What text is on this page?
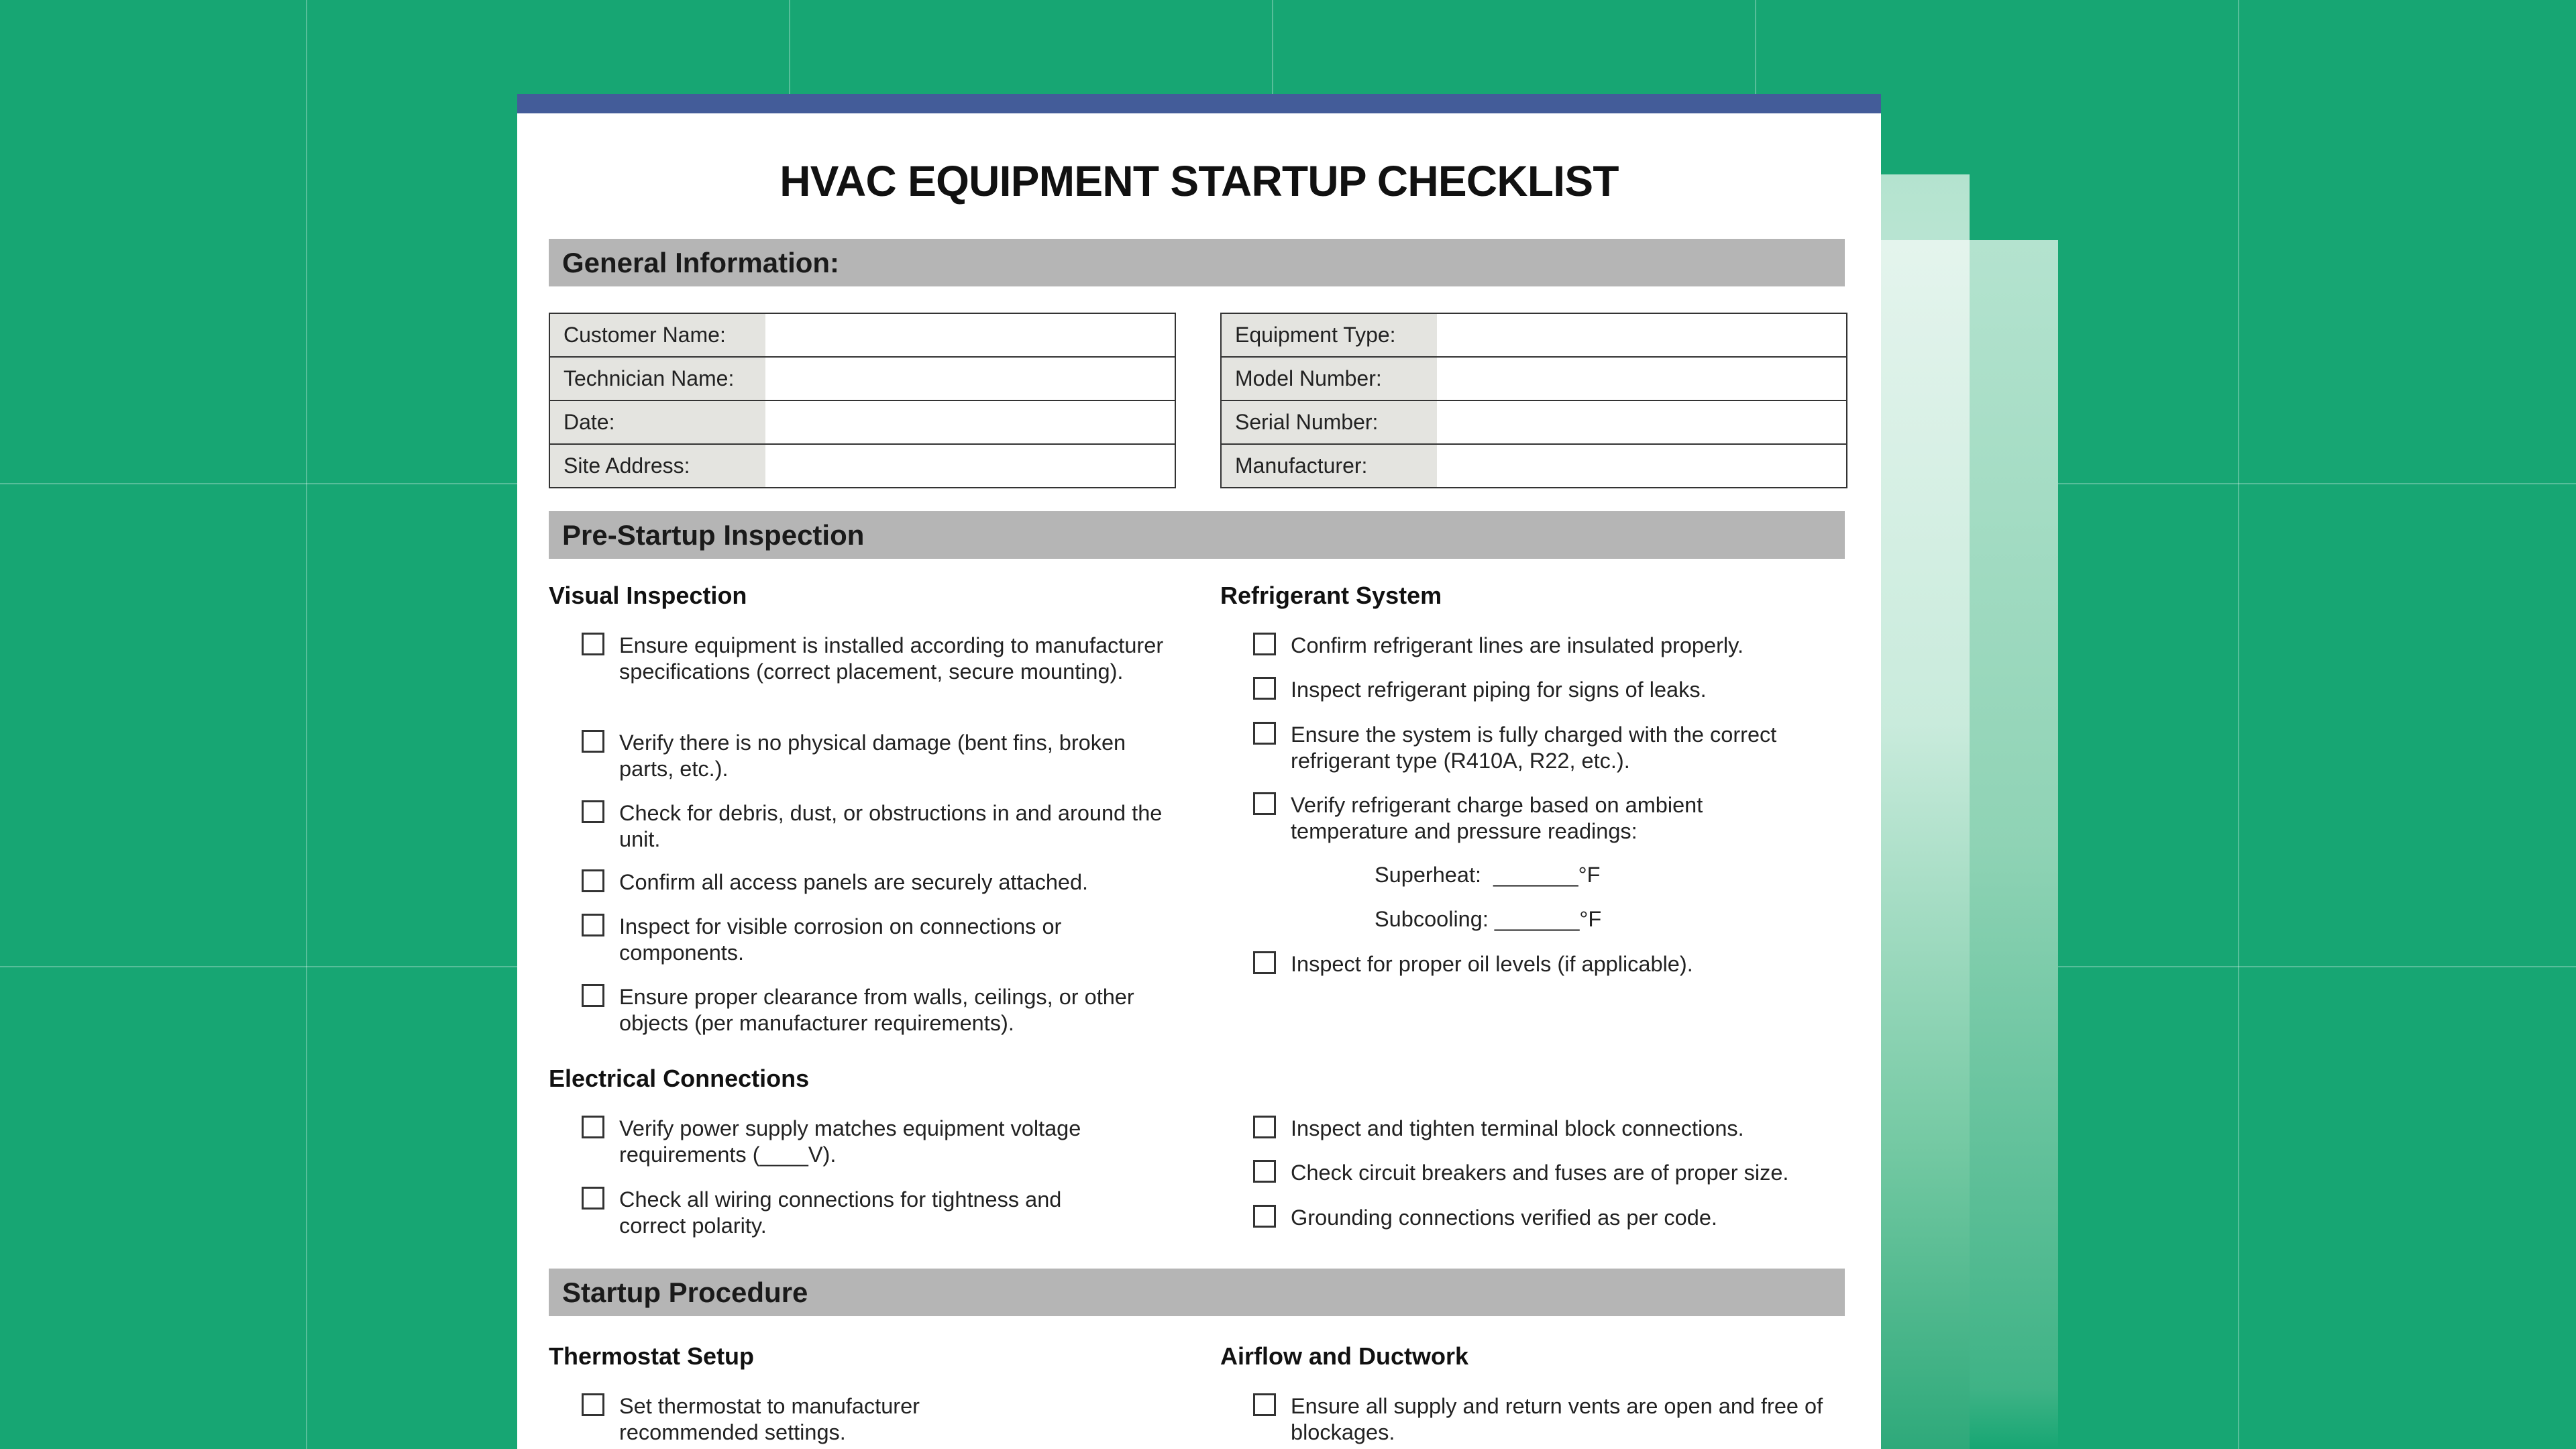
HVAC EQUIPMENT STARTUP CHECKLIST
General Information:
Customer Name:
Technician Name:
Date:
Site Address:
Equipment Type:
Model Number:
Serial Number:
Manufacturer:
Pre-Startup Inspection
Visual Inspection
Ensure equipment is installed according to manufacturer specifications (correct placement, secure mounting).
Verify there is no physical damage (bent fins, broken parts, etc.).
Check for debris, dust, or obstructions in and around the unit.
Confirm all access panels are securely attached.
Inspect for visible corrosion on connections or components.
Ensure proper clearance from walls, ceilings, or other objects (per manufacturer requirements).
Refrigerant System
Confirm refrigerant lines are insulated properly.
Inspect refrigerant piping for signs of leaks.
Ensure the system is fully charged with the correct refrigerant type (R410A, R22, etc.).
Verify refrigerant charge based on ambient temperature and pressure readings:
Superheat:  _______°F
Subcooling: _______°F
Inspect for proper oil levels (if applicable).
Electrical Connections
Verify power supply matches equipment voltage requirements (____V).
Check all wiring connections for tightness and correct polarity.
Inspect and tighten terminal block connections.
Check circuit breakers and fuses are of proper size.
Grounding connections verified as per code.
Startup Procedure
Thermostat Setup
Set thermostat to manufacturer recommended settings.
Airflow and Ductwork
Ensure all supply and return vents are open and free of blockages.
